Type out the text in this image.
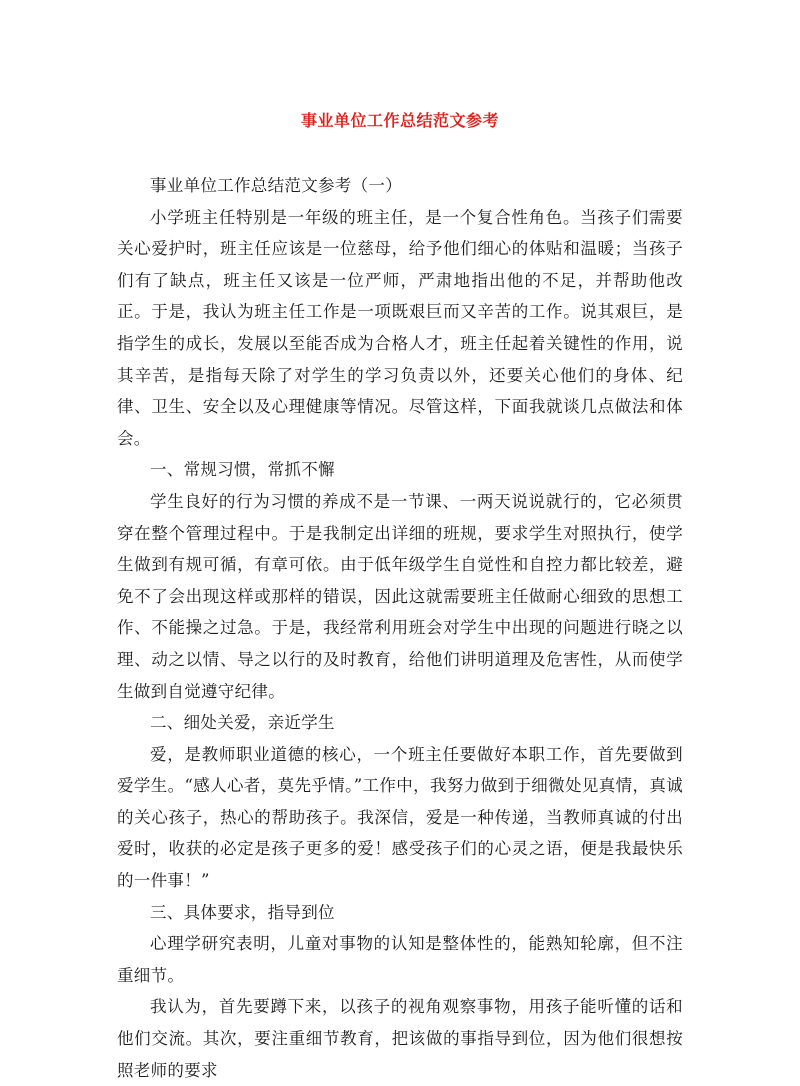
事业单位工作总结范文参考

事业单位工作总结范文参考（一）

小学班主任特别是一年级的班主任，是一个复合性角色。当孩子们需要关心爱护时，班主任应该是一位慈母，给予他们细心的体贴和温暖；当孩子们有了缺点，班主任又该是一位严师，严肃地指出他的不足，并帮助他改正。于是，我认为班主任工作是一项既艰巨而又辛苦的工作。说其艰巨，是指学生的成长，发展以至能否成为合格人才，班主任起着关键性的作用，说其辛苦，是指每天除了对学生的学习负责以外，还要关心他们的身体、纪律、卫生、安全以及心理健康等情况。尽管这样，下面我就谈几点做法和体会。

一、常规习惯，常抓不懈

学生良好的行为习惯的养成不是一节课、一两天说说就行的，它必须贯穿在整个管理过程中。于是我制定出详细的班规，要求学生对照执行，使学生做到有规可循，有章可依。由于低年级学生自觉性和自控力都比较差，避免不了会出现这样或那样的错误，因此这就需要班主任做耐心细致的思想工作、不能操之过急。于是，我经常利用班会对学生中出现的问题进行晓之以理、动之以情、导之以行的及时教育，给他们讲明道理及危害性，从而使学生做到自觉遵守纪律。

二、细处关爱，亲近学生

爱，是教师职业道德的核心，一个班主任要做好本职工作，首先要做到爱学生。“感人心者，莫先乎情。”工作中，我努力做到于细微处见真情，真诚的关心孩子，热心的帮助孩子。我深信，爱是一种传递，当教师真诚的付出爱时，收获的必定是孩子更多的爱！感受孩子们的心灵之语，便是我最快乐的一件事！”

三、具体要求，指导到位

心理学研究表明，儿童对事物的认知是整体性的，能熟知轮廓，但不注重细节。

我认为，首先要蹲下来，以孩子的视角观察事物，用孩子能听懂的话和他们交流。其次，要注重细节教育，把该做的事指导到位，因为他们很想按照老师的要求
